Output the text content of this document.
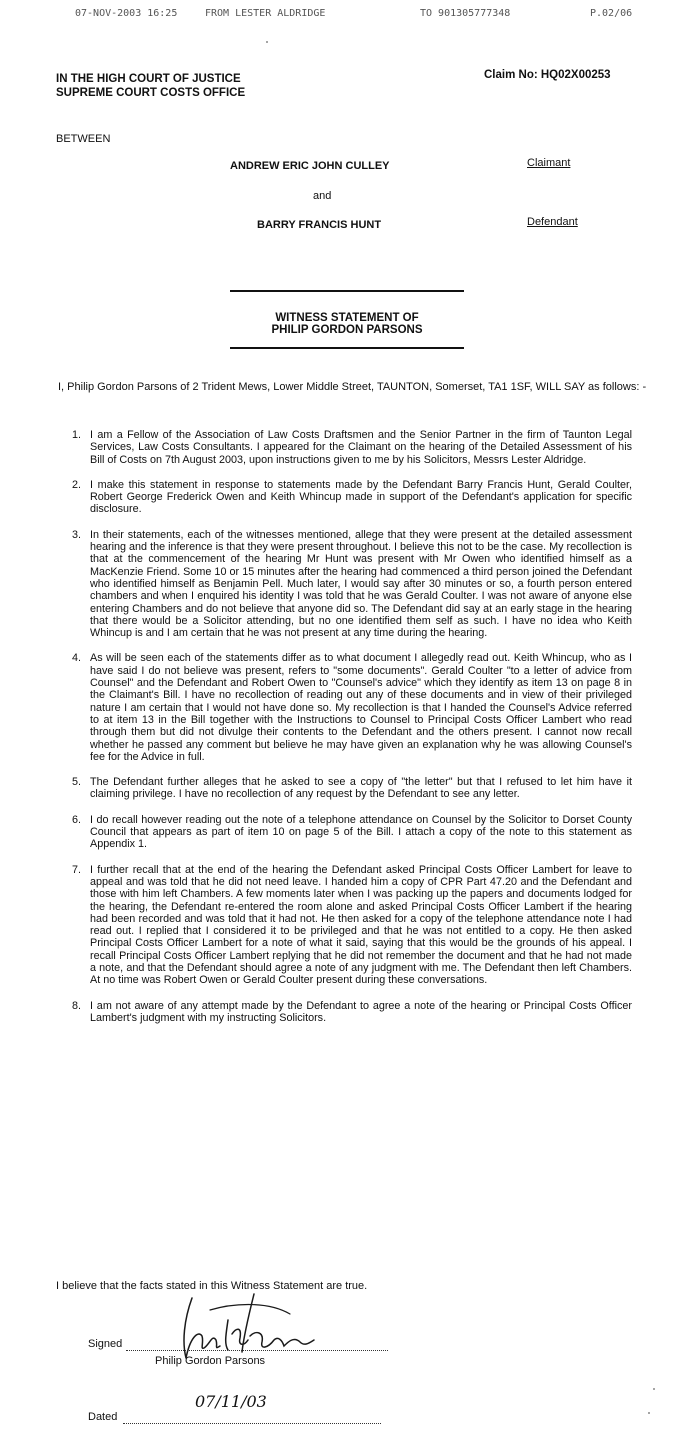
07-NOV-2003 16:25	FROM LESTER ALDRIDGE	TO 901305777348	P.02/06
IN THE HIGH COURT OF JUSTICE
SUPREME COURT COSTS OFFICE
Claim No: HQ02X00253
BETWEEN
ANDREW ERIC JOHN CULLEY	Claimant
and
BARRY FRANCIS HUNT	Defendant
WITNESS STATEMENT OF
PHILIP GORDON PARSONS
I, Philip Gordon Parsons of 2 Trident Mews, Lower Middle Street, TAUNTON, Somerset, TA1 1SF, WILL SAY as follows: -
1. I am a Fellow of the Association of Law Costs Draftsmen and the Senior Partner in the firm of Taunton Legal Services, Law Costs Consultants. I appeared for the Claimant on the hearing of the Detailed Assessment of his Bill of Costs on 7th August 2003, upon instructions given to me by his Solicitors, Messrs Lester Aldridge.
2. I make this statement in response to statements made by the Defendant Barry Francis Hunt, Gerald Coulter, Robert George Frederick Owen and Keith Whincup made in support of the Defendant's application for specific disclosure.
3. In their statements, each of the witnesses mentioned, allege that they were present at the detailed assessment hearing and the inference is that they were present throughout. I believe this not to be the case. My recollection is that at the commencement of the hearing Mr Hunt was present with Mr Owen who identified himself as a MacKenzie Friend. Some 10 or 15 minutes after the hearing had commenced a third person joined the Defendant who identified himself as Benjamin Pell. Much later, I would say after 30 minutes or so, a fourth person entered chambers and when I enquired his identity I was told that he was Gerald Coulter. I was not aware of anyone else entering Chambers and do not believe that anyone did so. The Defendant did say at an early stage in the hearing that there would be a Solicitor attending, but no one identified them self as such. I have no idea who Keith Whincup is and I am certain that he was not present at any time during the hearing.
4. As will be seen each of the statements differ as to what document I allegedly read out. Keith Whincup, who as I have said I do not believe was present, refers to "some documents". Gerald Coulter "to a letter of advice from Counsel" and the Defendant and Robert Owen to "Counsel's advice" which they identify as item 13 on page 8 in the Claimant's Bill. I have no recollection of reading out any of these documents and in view of their privileged nature I am certain that I would not have done so. My recollection is that I handed the Counsel's Advice referred to at item 13 in the Bill together with the Instructions to Counsel to Principal Costs Officer Lambert who read through them but did not divulge their contents to the Defendant and the others present. I cannot now recall whether he passed any comment but believe he may have given an explanation why he was allowing Counsel's fee for the Advice in full.
5. The Defendant further alleges that he asked to see a copy of "the letter" but that I refused to let him have it claiming privilege. I have no recollection of any request by the Defendant to see any letter.
6. I do recall however reading out the note of a telephone attendance on Counsel by the Solicitor to Dorset County Council that appears as part of item 10 on page 5 of the Bill. I attach a copy of the note to this statement as Appendix 1.
7. I further recall that at the end of the hearing the Defendant asked Principal Costs Officer Lambert for leave to appeal and was told that he did not need leave. I handed him a copy of CPR Part 47.20 and the Defendant and those with him left Chambers. A few moments later when I was packing up the papers and documents lodged for the hearing, the Defendant re-entered the room alone and asked Principal Costs Officer Lambert if the hearing had been recorded and was told that it had not. He then asked for a copy of the telephone attendance note I had read out. I replied that I considered it to be privileged and that he was not entitled to a copy. He then asked Principal Costs Officer Lambert for a note of what it said, saying that this would be the grounds of his appeal. I recall Principal Costs Officer Lambert replying that he did not remember the document and that he had not made a note, and that the Defendant should agree a note of any judgment with me. The Defendant then left Chambers. At no time was Robert Owen or Gerald Coulter present during these conversations.
8. I am not aware of any attempt made by the Defendant to agree a note of the hearing or Principal Costs Officer Lambert's judgment with my instructing Solicitors.
I believe that the facts stated in this Witness Statement are true.
Signed
Philip Gordon Parsons
07/11/03
Dated
